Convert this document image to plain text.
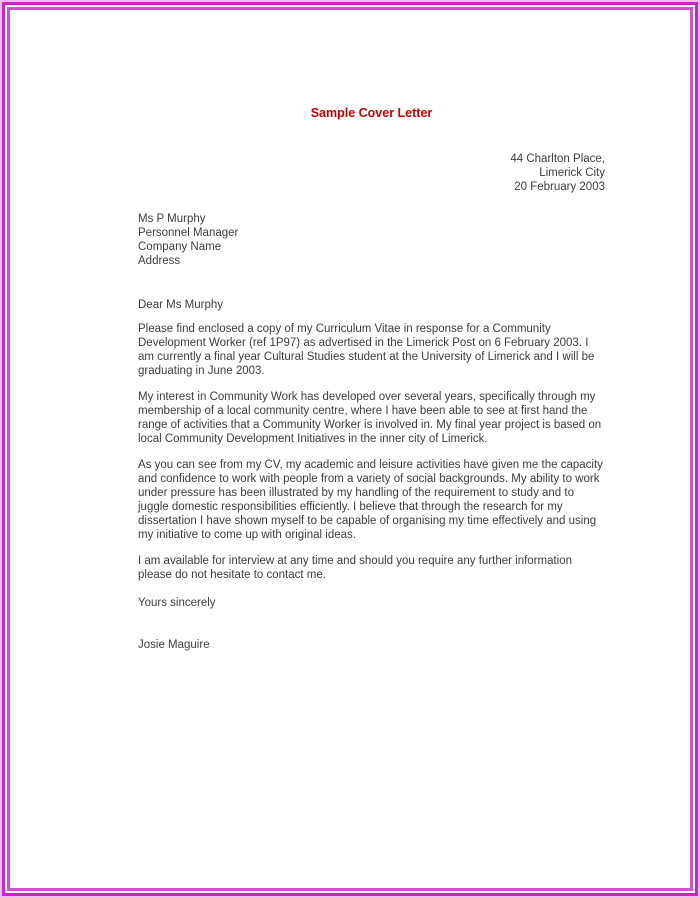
Sample Cover Letter
44 Charlton Place,
Limerick City
20 February 2003
Ms P Murphy
Personnel Manager
Company Name
Address
Dear Ms Murphy

Please find enclosed a copy of my Curriculum Vitae in response for a Community Development Worker (ref 1P97) as advertised in the Limerick Post on 6 February 2003. I am currently a final year Cultural Studies student at the University of Limerick and I will be graduating in June 2003.

My interest in Community Work has developed over several years, specifically through my membership of a local community centre, where I have been able to see at first hand the range of activities that a Community Worker is involved in. My final year project is based on local Community Development Initiatives in the inner city of Limerick.

As you can see from my CV, my academic and leisure activities have given me the capacity and confidence to work with people from a variety of social backgrounds. My ability to work under pressure has been illustrated by my handling of the requirement to study and to juggle domestic responsibilities efficiently. I believe that through the research for my dissertation I have shown myself to be capable of organising my time effectively and using my initiative to come up with original ideas.

I am available for interview at any time and should you require any further information please do not hesitate to contact me.

Yours sincerely
Josie Maguire
